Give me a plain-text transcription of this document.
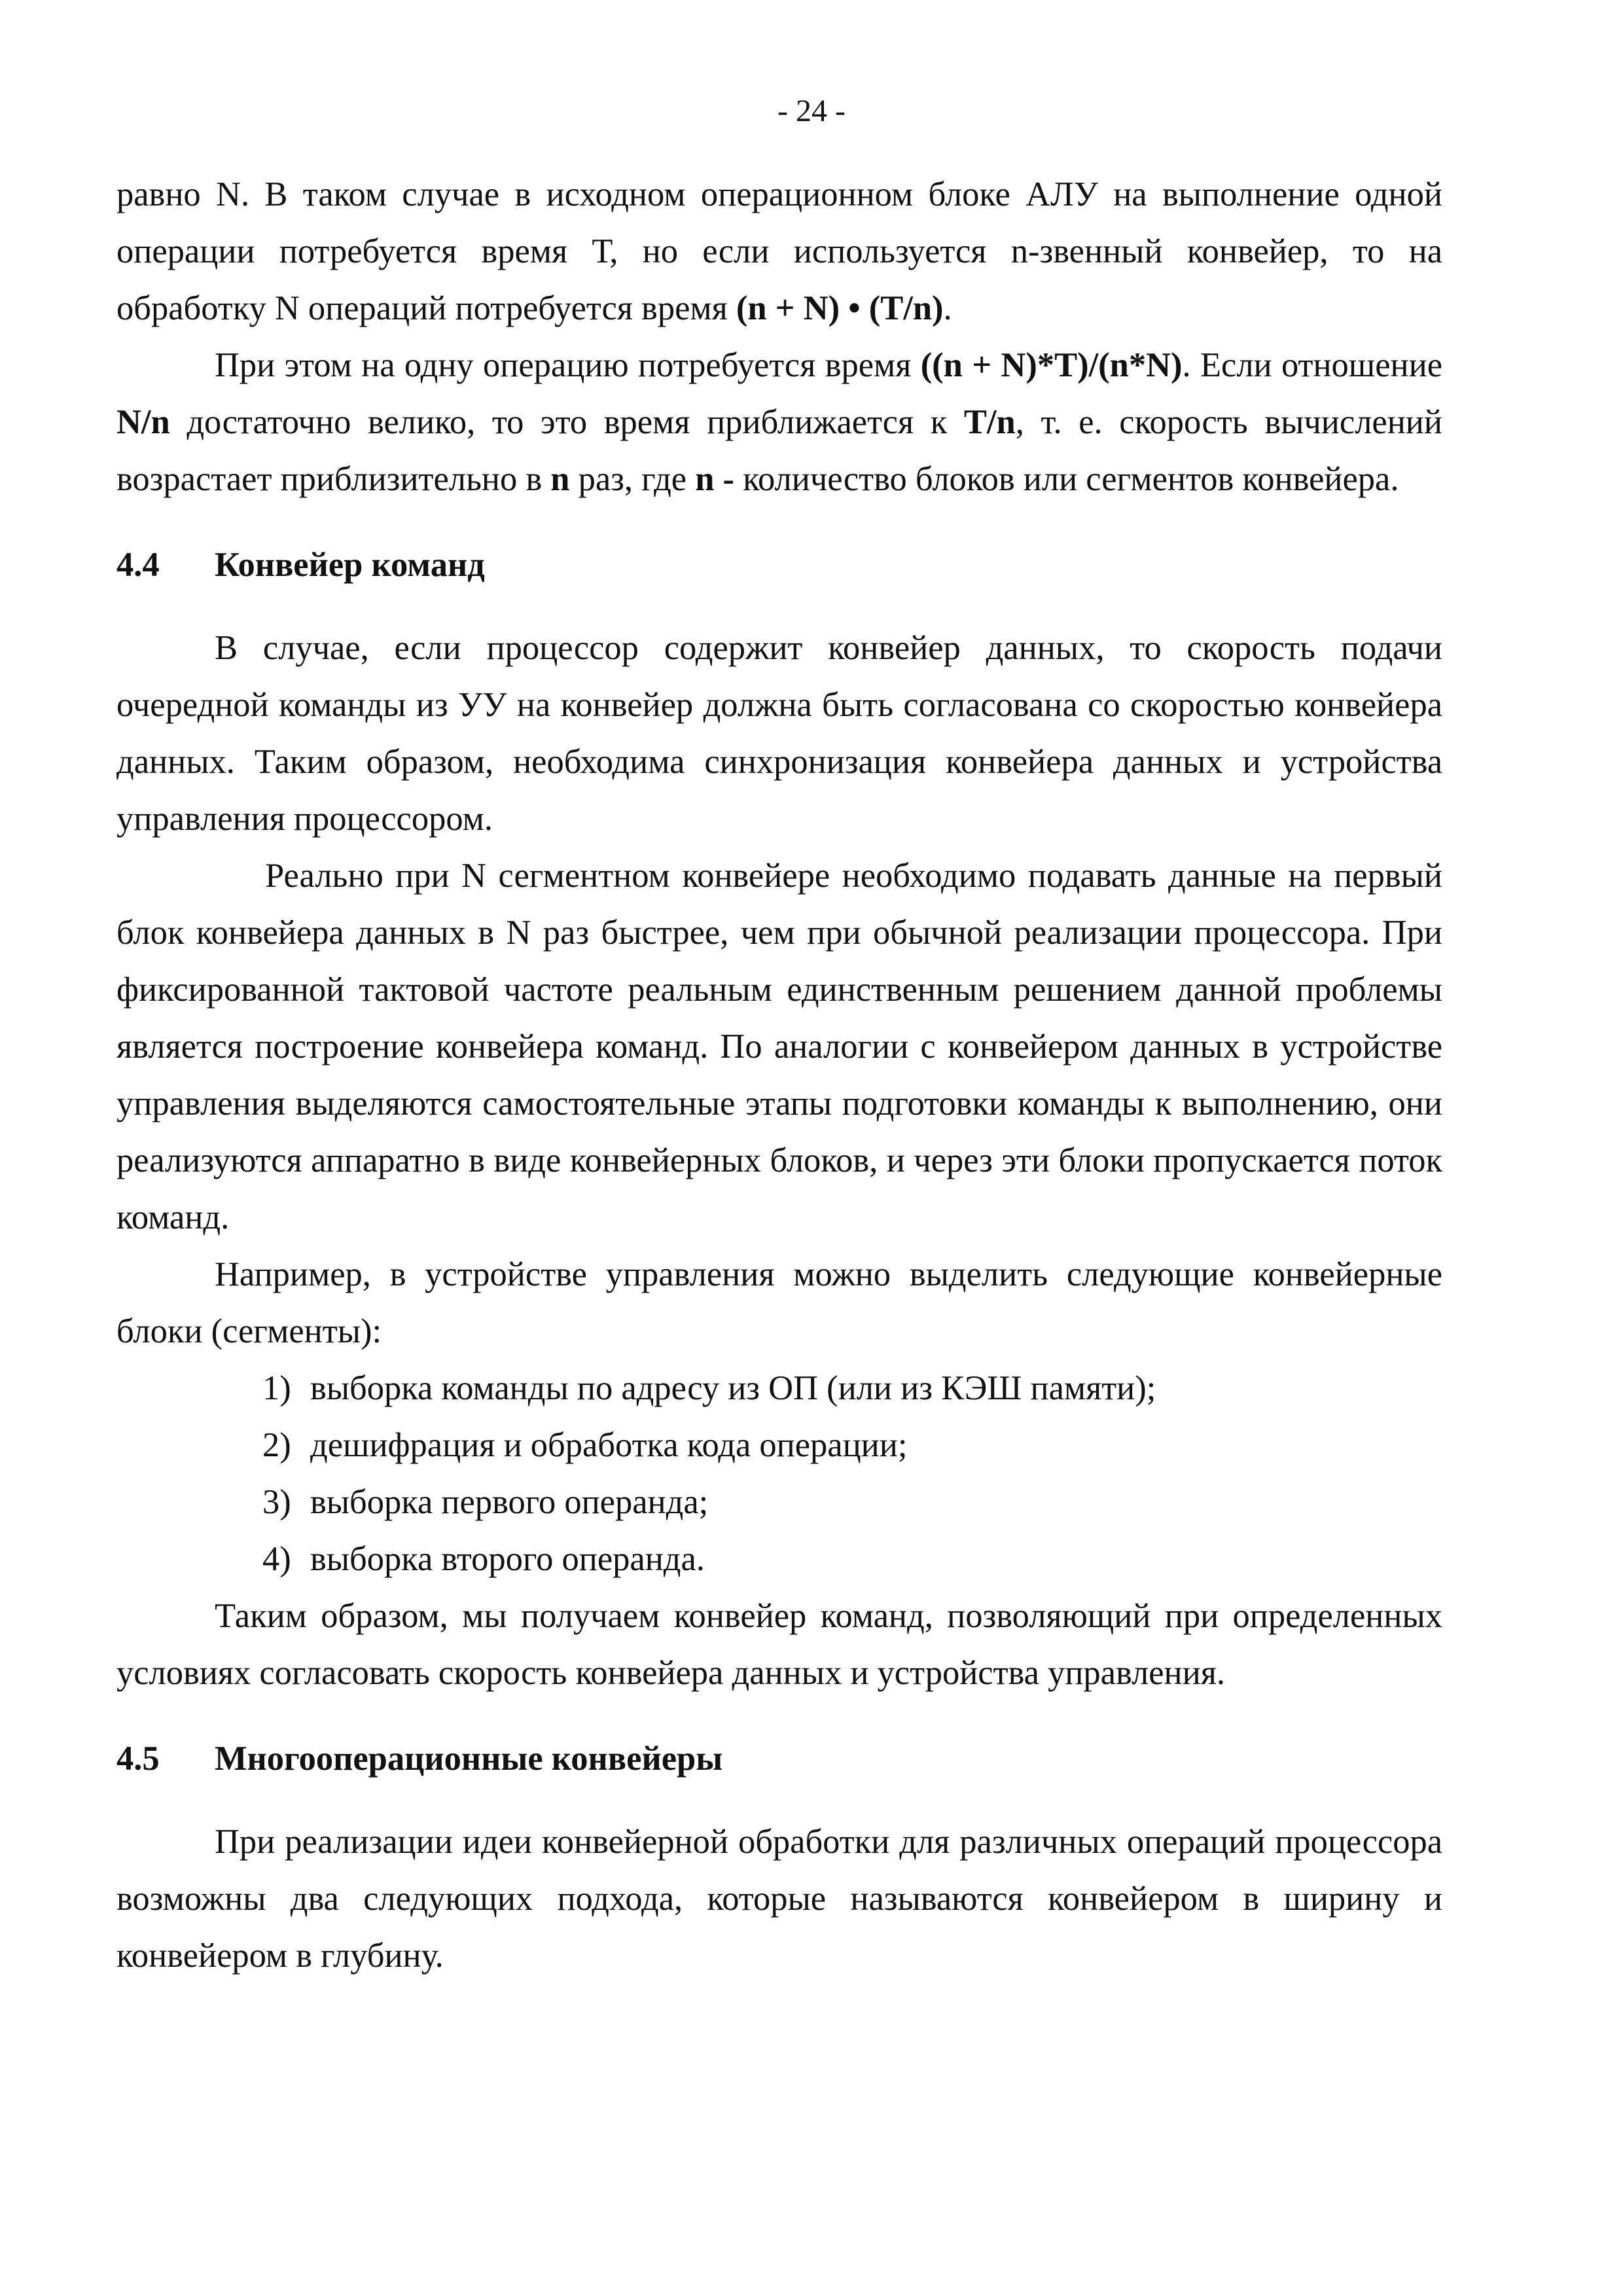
- 24 -

равно N. В таком случае в исходном операционном блоке АЛУ на выполнение одной операции потребуется время Т, но если используется n-звенный конвейер, то на обработку N операций потребуется время (n + N) • (T/n).

При этом на одну операцию потребуется время ((n + N)*T)/(n*N). Если отношение N/n достаточно велико, то это время приближается к T/n, т. е. скорость вычислений возрастает приблизительно в n раз, где n - количество блоков или сегментов конвейера.

4.4	Конвейер команд

В случае, если процессор содержит конвейер данных, то скорость подачи очередной команды из УУ на конвейер должна быть согласована со скоростью конвейера данных. Таким образом, необходима синхронизация конвейера данных и устройства управления процессором.

Реально при N сегментном конвейере необходимо подавать данные на первый блок конвейера данных в N раз быстрее, чем при обычной реализации процессора. При фиксированной тактовой частоте реальным единственным решением данной проблемы является построение конвейера команд. По аналогии с конвейером данных в устройстве управления выделяются самостоятельные этапы подготовки команды к выполнению, они реализуются аппаратно в виде конвейерных блоков, и через эти блоки пропускается поток команд.

Например, в устройстве управления можно выделить следующие конвейерные блоки (сегменты):

1) выборка команды по адресу из ОП (или из КЭШ памяти);
2) дешифрация и обработка кода операции;
3) выборка первого операнда;
4) выборка второго операнда.

Таким образом, мы получаем конвейер команд, позволяющий при определенных условиях согласовать скорость конвейера данных и устройства управления.

4.5	Многооперационные конвейеры

При реализации идеи конвейерной обработки для различных операций процессора возможны два следующих подхода, которые называются конвейером в ширину и конвейером в глубину.
